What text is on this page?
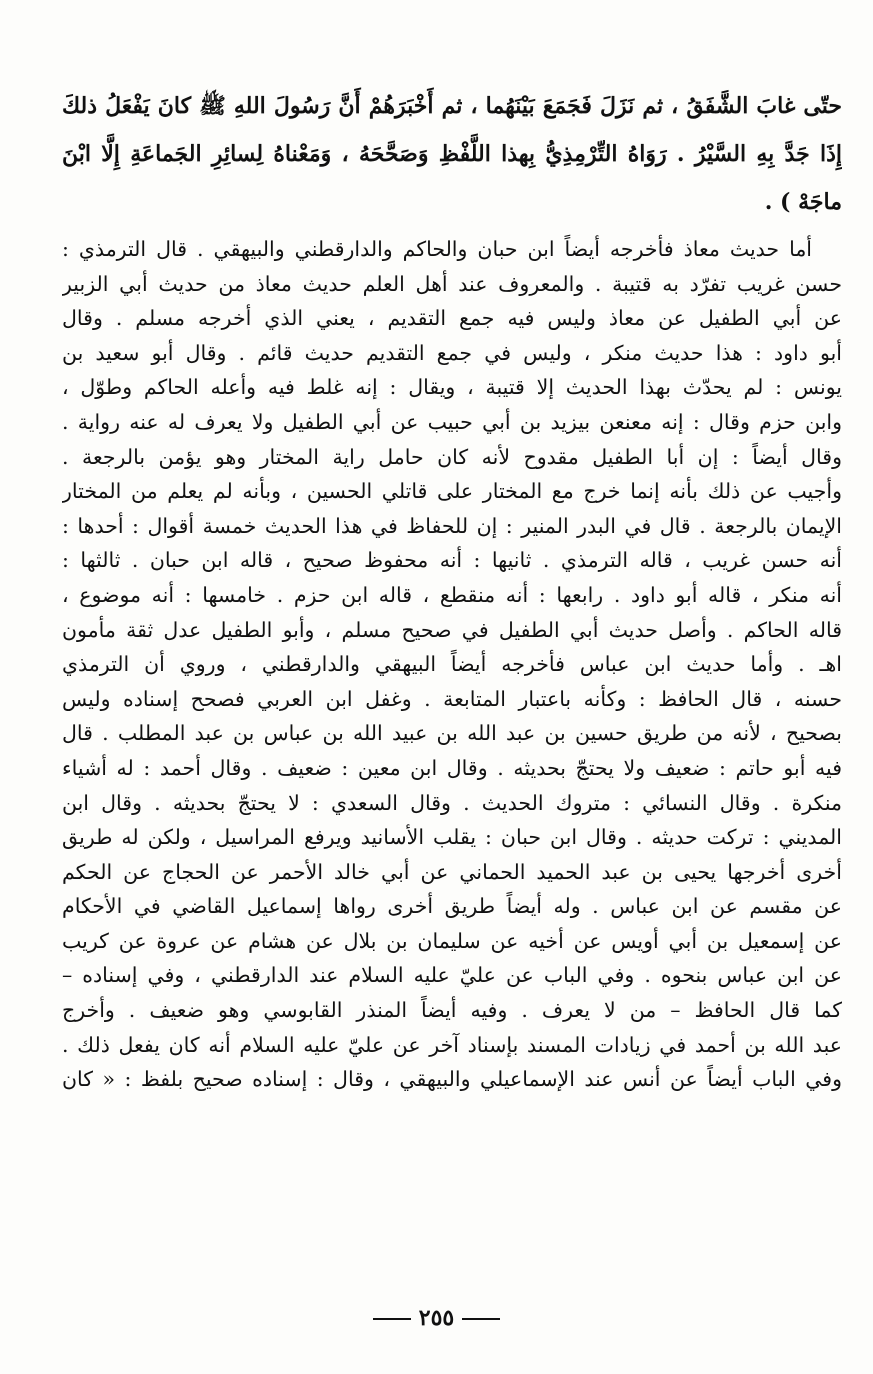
حتّى غابَ الشَّفَقُ ، ثم نَزَلَ فَجَمَعَ بَيْنَهُما ، ثم أَخْبَرَهُمْ أَنَّ رَسُولَ اللهِ ﷺ كانَ يَفْعَلُ ذلكَ
إِذَا جَدَّ بِهِ السَّيْرُ . رَوَاهُ التِّرْمِذِيُّ بِهذا اللَّفْظِ وَصَحَّحَهُ ، وَمَعْناهُ لِسائِرِ الجَماعَةِ إِلَّا ابْنَ
ماجَهْ ) .
أما حديث معاذ فأخرجه أيضاً ابن حبان والحاكم والدارقطني والبيهقي . قال الترمذي :
حسن غريب تفرّد به قتيبة . والمعروف عند أهل العلم حديث معاذ من حديث أبي الزبير
عن أبي الطفيل عن معاذ وليس فيه جمع التقديم ، يعني الذي أخرجه مسلم . وقال
أبو داود : هذا حديث منكر ، وليس في جمع التقديم حديث قائم . وقال أبو سعيد بن
يونس : لم يحدّث بهذا الحديث إلا قتيبة ، ويقال : إنه غلط فيه وأعله الحاكم وطوّل ،
وابن حزم وقال : إنه معنعن بيزيد بن أبي حبيب عن أبي الطفيل ولا يعرف له عنه رواية .
وقال أيضاً : إن أبا الطفيل مقدوح لأنه كان حامل راية المختار وهو يؤمن بالرجعة .
وأجيب عن ذلك بأنه إنما خرج مع المختار على قاتلي الحسين ، وبأنه لم يعلم من المختار
الإيمان بالرجعة . قال في البدر المنير : إن للحفاظ في هذا الحديث خمسة أقوال : أحدها :
أنه حسن غريب ، قاله الترمذي . ثانيها : أنه محفوظ صحيح ، قاله ابن حبان . ثالثها :
أنه منكر ، قاله أبو داود . رابعها : أنه منقطع ، قاله ابن حزم . خامسها : أنه موضوع ،
قاله الحاكم . وأصل حديث أبي الطفيل في صحيح مسلم ، وأبو الطفيل عدل ثقة مأمون
اهـ . وأما حديث ابن عباس فأخرجه أيضاً البيهقي والدارقطني ، وروي أن الترمذي
حسنه ، قال الحافظ : وكأنه باعتبار المتابعة . وغفل ابن العربي فصحح إسناده وليس
بصحيح ، لأنه من طريق حسين بن عبد الله بن عبيد الله بن عباس بن عبد المطلب . قال
فيه أبو حاتم : ضعيف ولا يحتجّ بحديثه . وقال ابن معين : ضعيف . وقال أحمد : له أشياء
منكرة . وقال النسائي : متروك الحديث . وقال السعدي : لا يحتجّ بحديثه . وقال ابن
المديني : تركت حديثه . وقال ابن حبان : يقلب الأسانيد ويرفع المراسيل ، ولكن له طريق
أخرى أخرجها يحيى بن عبد الحميد الحماني عن أبي خالد الأحمر عن الحجاج عن الحكم
عن مقسم عن ابن عباس . وله أيضاً طريق أخرى رواها إسماعيل القاضي في الأحكام
عن إسمعيل بن أبي أويس عن أخيه عن سليمان بن بلال عن هشام عن عروة عن كريب
عن ابن عباس بنحوه . وفي الباب عن عليّ عليه السلام عند الدارقطني ، وفي إسناده –
كما قال الحافظ – من لا يعرف . وفيه أيضاً المنذر القابوسي وهو ضعيف . وأخرج
عبد الله بن أحمد في زيادات المسند بإسناد آخر عن عليّ عليه السلام أنه كان يفعل ذلك .
وفي الباب أيضاً عن أنس عند الإسماعيلي والبيهقي ، وقال : إسناده صحيح بلفظ : « كان
٢٥٥
